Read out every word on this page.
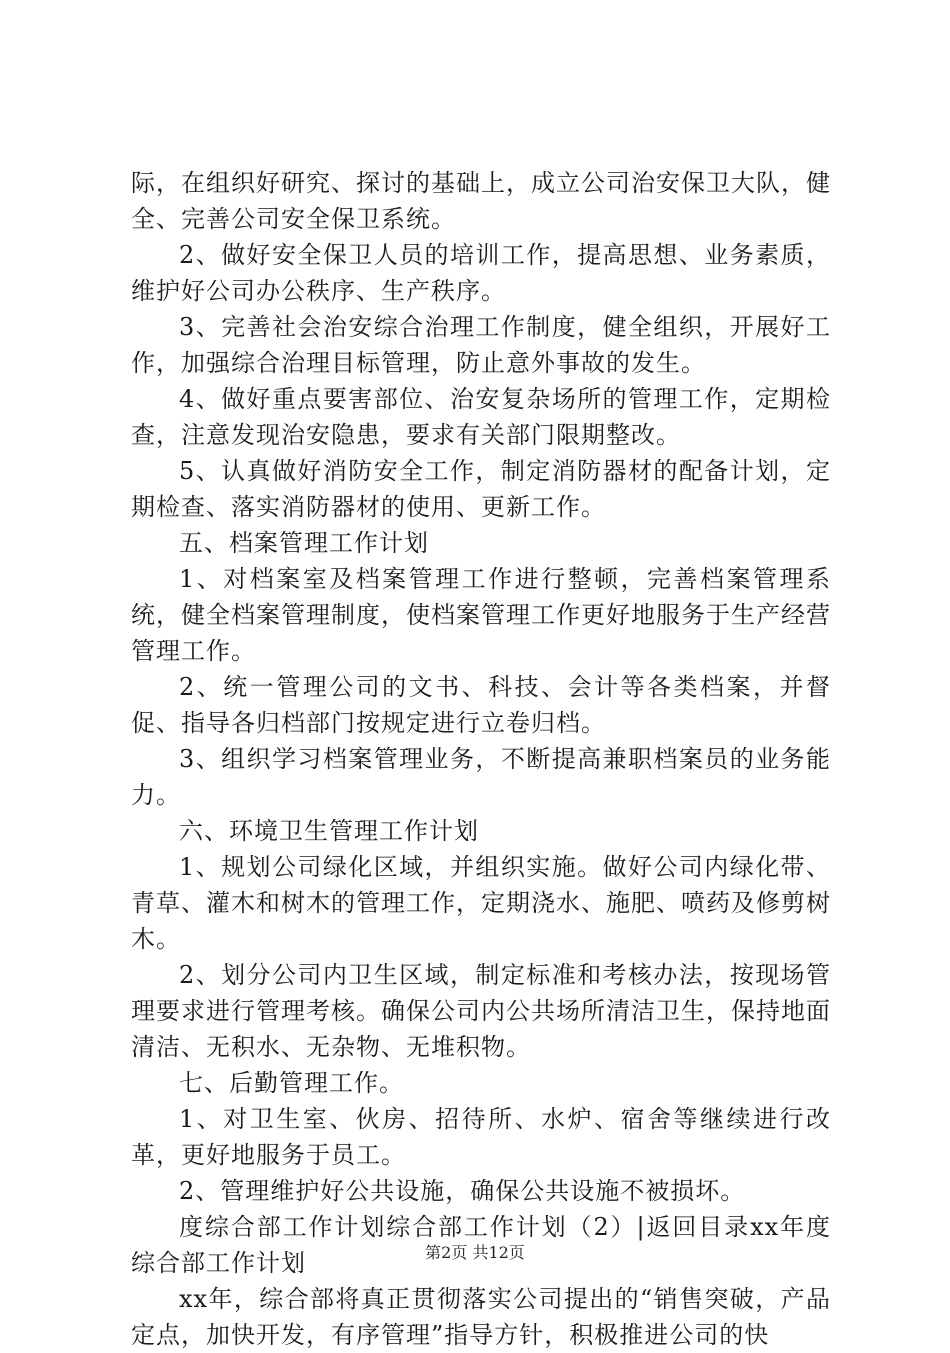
际，在组织好研究、探讨的基础上，成立公司治安保卫大队，健全、完善公司安全保卫系统。

2、做好安全保卫人员的培训工作，提高思想、业务素质，维护好公司办公秩序、生产秩序。

3、完善社会治安综合治理工作制度，健全组织，开展好工作，加强综合治理目标管理，防止意外事故的发生。

4、做好重点要害部位、治安复杂场所的管理工作，定期检查，注意发现治安隐患，要求有关部门限期整改。

5、认真做好消防安全工作，制定消防器材的配备计划，定期检查、落实消防器材的使用、更新工作。

五、档案管理工作计划

1、对档案室及档案管理工作进行整顿，完善档案管理系统，健全档案管理制度，使档案管理工作更好地服务于生产经营管理工作。

2、统一管理公司的文书、科技、会计等各类档案，并督促、指导各归档部门按规定进行立卷归档。

3、组织学习档案管理业务，不断提高兼职档案员的业务能力。

六、环境卫生管理工作计划

1、规划公司绿化区域，并组织实施。做好公司内绿化带、青草、灌木和树木的管理工作，定期浇水、施肥、喷药及修剪树木。

2、划分公司内卫生区域，制定标准和考核办法，按现场管理要求进行管理考核。确保公司内公共场所清洁卫生，保持地面清洁、无积水、无杂物、无堆积物。

七、后勤管理工作。

1、对卫生室、伙房、招待所、水炉、宿舍等继续进行改革，更好地服务于员工。

2、管理维护好公共设施，确保公共设施不被损坏。

度综合部工作计划综合部工作计划（2）|返回目录xx年度综合部工作计划

xx年，综合部将真正贯彻落实公司提出的“销售突破，产品定点，加快开发，有序管理”指导方针，积极推进公司的快

第2页 共12页
